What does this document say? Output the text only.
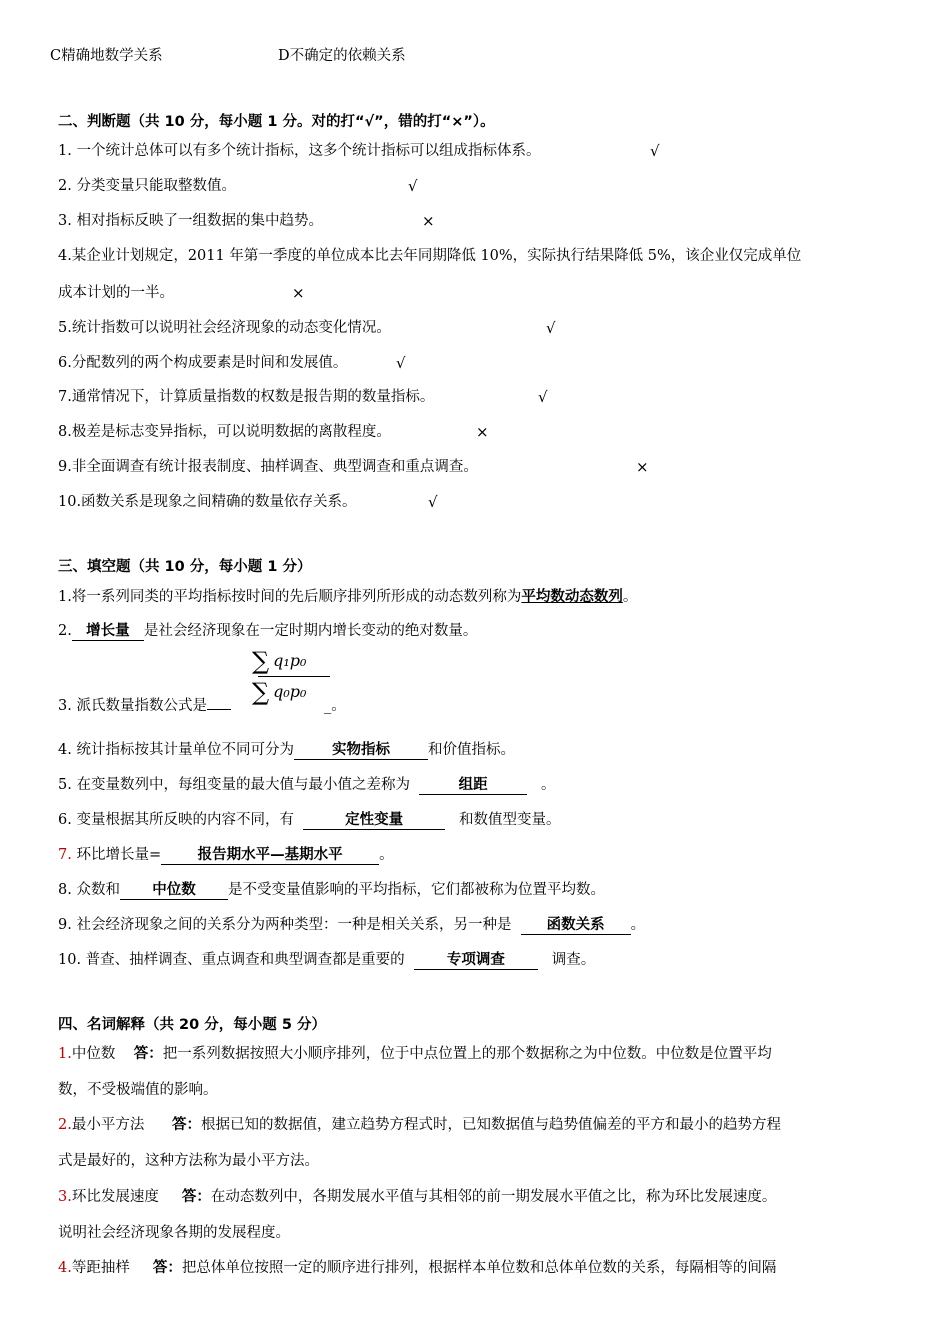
C精确地数学关系	D不确定的依赖关系
二、判断题（共 10 分，每小题 1 分。对的打“√”，错的打“×”）。
1. 一个统计总体可以有多个统计指标，这多个统计指标可以组成指标体系。	√
2. 分类变量只能取整数值。	√
3. 相对指标反映了一组数据的集中趋势。	×
4.某企业计划规定，2011 年第一季度的单位成本比去年同期降低 10%，实际执行结果降低 5%，该企业仅完成单位
成本计划的一半。	×
5.统计指数可以说明社会经济现象的动态变化情况。	√
6.分配数列的两个构成要素是时间和发展值。	√
7.通常情况下，计算质量指数的权数是报告期的数量指标。	√
8.极差是标志变异指标，可以说明数据的离散程度。	×
9.非全面调查有统计报表制度、抽样调查、典型调查和重点调查。	×
10.函数关系是现象之间精确的数量依存关系。	√
三、填空题（共 10 分，每小题 1 分）
1.将一系列同类的平均指标按时间的先后顺序排列所形成的动态数列称为平均数动态数列。
2. 增长量 是社会经济现象在一定时期内增长变动的绝对数量。
∑ q₁p₀
∑ q₀p₀
3. 派氏数量指数公式是	_。
4. 统计指标按其计量单位不同可分为	实物指标	和价值指标。
5. 在变量数列中，每组变量的最大值与最小值之差称为	组距	。
6. 变量根据其所反映的内容不同，有	定性变量	和数值型变量。
7. 环比增长量=	报告期水平—基期水平	。
8. 众数和 中位数 是不受变量值影响的平均指标，它们都被称为位置平均数。
9. 社会经济现象之间的关系分为两种类型：一种是相关关系，另一种是 函数关系 。
10. 普查、抽样调查、重点调查和典型调查都是重要的	专项调查	调查。
四、名词解释（共 20 分，每小题 5 分）
1.中位数 答：把一系列数据按照大小顺序排列，位于中点位置上的那个数据称之为中位数。中位数是位置平均
数，不受极端值的影响。
2.最小平方法 答：根据已知的数据值，建立趋势方程式时，已知数据值与趋势值偏差的平方和最小的趋势方程
式是最好的，这种方法称为最小平方法。
3.环比发展速度 答：在动态数列中，各期发展水平值与其相邻的前一期发展水平值之比，称为环比发展速度。
说明社会经济现象各期的发展程度。
4.等距抽样 答：把总体单位按照一定的顺序进行排列，根据样本单位数和总体单位数的关系，每隔相等的间隔
